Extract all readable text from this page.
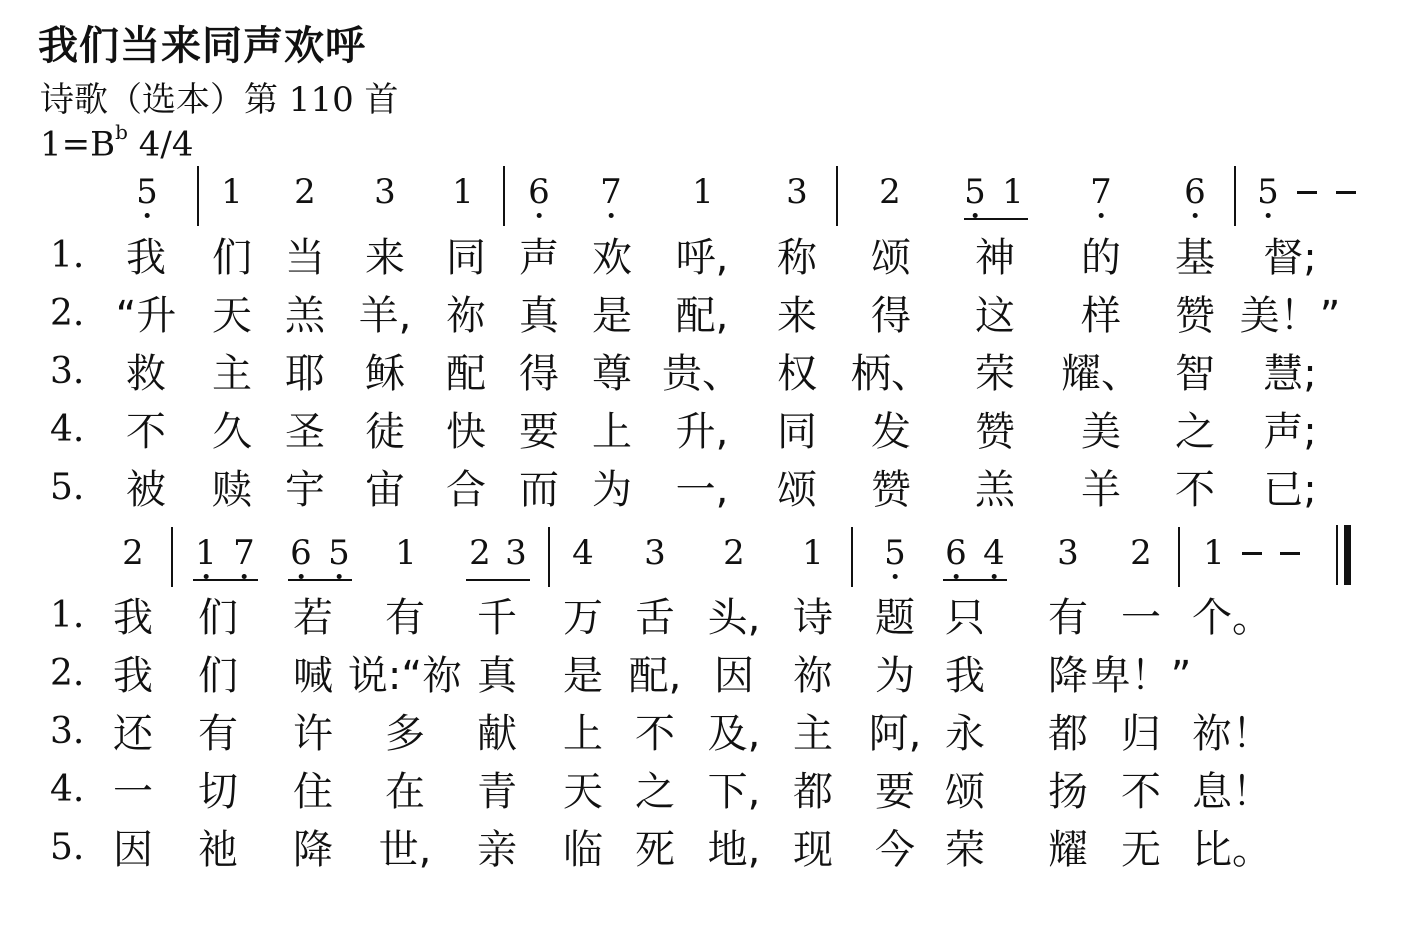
我们当来同声欢呼
诗歌（选本）第 110 首
$1=B^b$ 4/4
5 1 2 3 1 6 7 1 3 2 5 1 7 6 5
1. 我 们 当 来 同 声 欢 呼, 称 颂 神 的 基 督;
2. “升 天 羔 羊, 祢 真 是 配, 来 得 这 样 赞 美！”
3. 救 主 耶 稣 配 得 尊 贵、 权 柄、 荣 耀、 智 慧;
4. 不 久 圣 徒 快 要 上 升, 同 发 赞 美 之 声;
5. 被 赎 宇 宙 合 而 为 一, 颂 赞 羔 羊 不 已;
2 1 7 6 5 1 2 3 4 3 2 1 5 6 4 3 2 1
1. 我 们 若 有 千 万 舌 头, 诗 题 只 有 一 个。
2. 我 们 喊 说:“祢 真 是 配, 因 祢 为 我 降 卑！”
3. 还 有 许 多 献 上 不 及, 主 阿, 永 都 归 祢！
4. 一 切 住 在 青 天 之 下, 都 要 颂 扬 不 息！
5. 因 祂 降 世, 亲 临 死 地, 现 今 荣 耀 无 比。
